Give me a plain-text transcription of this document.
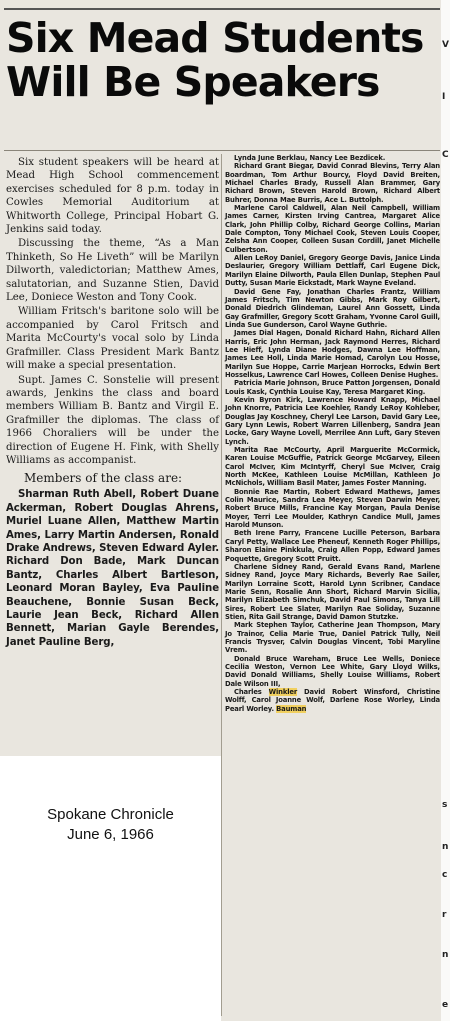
Six Mead Students
Will Be Speakers

Six student speakers will be heard at Mead High School commencement exercises scheduled for 8 p.m. today in Cowles Memorial Auditorium at Whitworth College, Principal Hobart G. Jenkins said today.

Discussing the theme, “As a Man Thinketh, So He Liveth” will be Marilyn Dilworth, valedictorian; Matthew Ames, salutatorian, and Suzanne Stien, David Lee, Doniece Weston and Tony Cook.

William Fritsch's baritone solo will be accompanied by Carol Fritsch and Marita McCourty's vocal solo by Linda Grafmiller. Class President Mark Bantz will make a special presentation.

Supt. James C. Sonstelie will present awards, Jenkins the class and board members William B. Bantz and Virgil E. Grafmiller the diplomas. The class of 1966 Choraliers will be under the direction of Eugene H. Fink, with Shelly Williams as accompanist.

Members of the class are:

Sharman Ruth Abell, Robert Duane Ackerman, Robert Douglas Ahrens, Muriel Luane Allen, Matthew Martin Ames, Larry Martin Andersen, Ronald Drake Andrews, Steven Edward Ayler. Richard Don Bade, Mark Duncan Bantz, Charles Albert Bartleson, Leonard Moran Bayley, Eva Pauline Beauchene, Bonnie Susan Beck, Laurie Jean Beck, Richard Allen Bennett, Marian Gayle Berendes, Janet Pauline Berg,

Lynda June Berklau, Nancy Lee Bezdicek.

Richard Grant Biegar, David Conrad Blevins, Terry Alan Boardman, Tom Arthur Bourcy, Floyd David Breiten, Michael Charles Brady, Russell Alan Brammer, Gary Richard Brown, Steven Harold Brown, Richard Albert Buhrer, Donna Mae Burris, Ace L. Buttolph.

Marlene Carol Caldwell, Alan Neil Campbell, William James Carner, Kirsten Irving Cantrea, Margaret Alice Clark, John Phillip Colby, Richard George Collins, Marian Dale Compton, Tony Michael Cook, Steven Louis Cooper, Zelsha Ann Cooper, Colleen Susan Cordill, Janet Michelle Culbertson.

Allen LeRoy Daniel, Gregory George Davis, Janice Linda Deslaurier, Gregory William Dettlaff, Carl Eugene Dick, Marilyn Elaine Dilworth, Paula Ellen Dunlap, Stephen Paul Dutty, Susan Marie Eickstadt, Mark Wayne Eveland.

David Gene Fay, Jonathan Charles Frantz, William James Fritsch, Tim Newton Gibbs, Mark Roy Gilbert, Donald Diedrich Glindeman, Laurel Ann Gossett, Linda Gay Grafmiller, Gregory Scott Graham, Yvonne Carol Guill, Linda Sue Gunderson, Carol Wayne Guthrie.

James Dial Hagen, Donald Richard Hahn, Richard Allen Harris, Eric John Herman, Jack Raymond Herres, Richard Lee Hieff, Lynda Diane Hodges, Dawna Lee Hoffman, James Lee Holl, Linda Marie Homad, Carolyn Lou Hosse, Marilyn Sue Hoppe, Carrie Marjean Horrocks, Edwin Bert Hosselkus, Lawrence Carl Howes, Colleen Denise Hughes.

Patricia Marie Johnson, Bruce Patton Jorgensen, Donald Louis Kask, Cynthia Louise Kay, Teresa Margaret King.

Kevin Byron Kirk, Lawrence Howard Knapp, Michael John Knorre, Patricia Lee Koehler, Randy LeRoy Kohleber, Douglas Jay Koschney, Cheryl Lee Larson, David Gary Lee, Gary Lynn Lewis, Robert Warren Lillenberg, Sandra Jean Locke, Gary Wayne Lovell, Merrilee Ann Luft, Gary Steven Lynch.

Marita Rae McCourty, April Marguerite McCormick, Karen Louise McGuffie, Patrick George McGarvey, Eileen Carol McIver, Kim McIntyrff, Cheryl Sue McIver, Craig North McKee, Kathleen Louise McMillan, Kathleen Jo McNichols, William Basil Mater, James Foster Manning.

Bonnie Rae Martin, Robert Edward Mathews, James Colin Maurice, Sandra Lea Meyer, Steven Darwin Meyer, Robert Bruce Mills, Francine Kay Morgan, Paula Denise Moyer, Terri Lee Moulder, Kathryn Candice Mull, James Harold Munson.

Beth Irene Parry, Francene Lucille Peterson, Barbara Caryl Petty, Wallace Lee Pheneuf, Kenneth Roger Phillips, Sharon Elaine Pinkkula, Craig Allen Popp, Edward James Poquette, Gregory Scott Pruitt.

Charlene Sidney Rand, Gerald Evans Rand, Marlene Sidney Rand, Joyce Mary Richards, Beverly Rae Sailer, Marilyn Lorraine Scott, Harold Lynn Scribner, Candace Marie Senn, Rosalie Ann Short, Richard Marvin Sicilia, Marilyn Elizabeth Simchuk, David Paul Simons, Tanya Lill Sires, Robert Lee Slater, Marilyn Rae Soliday, Suzanne Stien, Rita Gail Strange, David Damon Stutzke.

Mark Stephen Taylor, Catherine Jean Thompson, Mary Jo Trainor, Celia Marie True, Daniel Patrick Tully, Neil Francis Trysver, Calvin Douglas Vincent, Tobi Maryline Vrem.

Donald Bruce Wareham, Bruce Lee Wells, Doniece Cecilia Weston, Vernon Lee White, Gary Lloyd Wilks, David Donald Williams, Shelly Louise Williams, Robert Dale Wilson III,

Charles Winkler David Robert Winsford, Christine Wolff, Carol Joanne Wolf, Darlene Rose Worley, Linda Pearl Worley. Bauman

Spokane Chronicle
June 6, 1966
V
I
C
s
n
c
r
n
e
